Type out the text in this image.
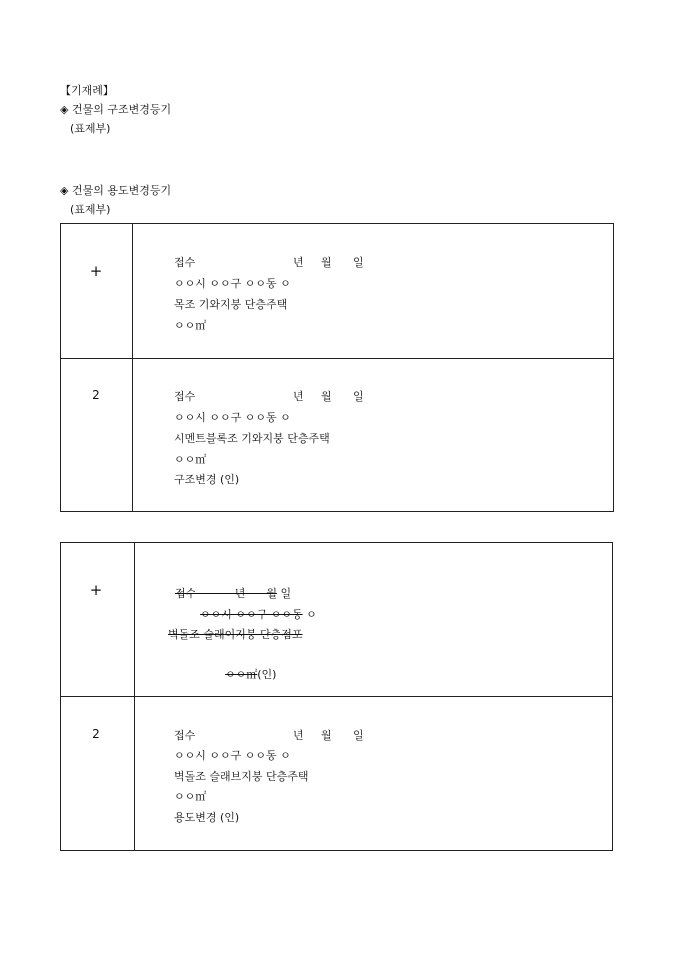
【기재례】
◈ 건물의 구조변경등기
(표제부)
◈ 건물의 용도변경등기
(표제부)
+	접수	년 월 일
ㅇㅇ시 ㅇㅇ구 ㅇㅇ동 ㅇ
목조 기와지붕 단층주택
ㅇㅇ㎡
2	접수	년 월 일
ㅇㅇ시 ㅇㅇ구 ㅇㅇ동 ㅇ
시멘트블록조 기와지붕 단층주택
ㅇㅇ㎡
구조변경 (인)
+	접수           년      월 일

ㅇㅇ시 ㅇㅇ구 ㅇㅇ동 ㅇ

벽돌조 슬래이지붕 단층점포

ㅇㅇ㎡(인)

2	접수	년 월 일
ㅇㅇ시 ㅇㅇ구 ㅇㅇ동 ㅇ
벽돌조 슬래브지붕 단층주택
ㅇㅇ㎡
용도변경 (인)
